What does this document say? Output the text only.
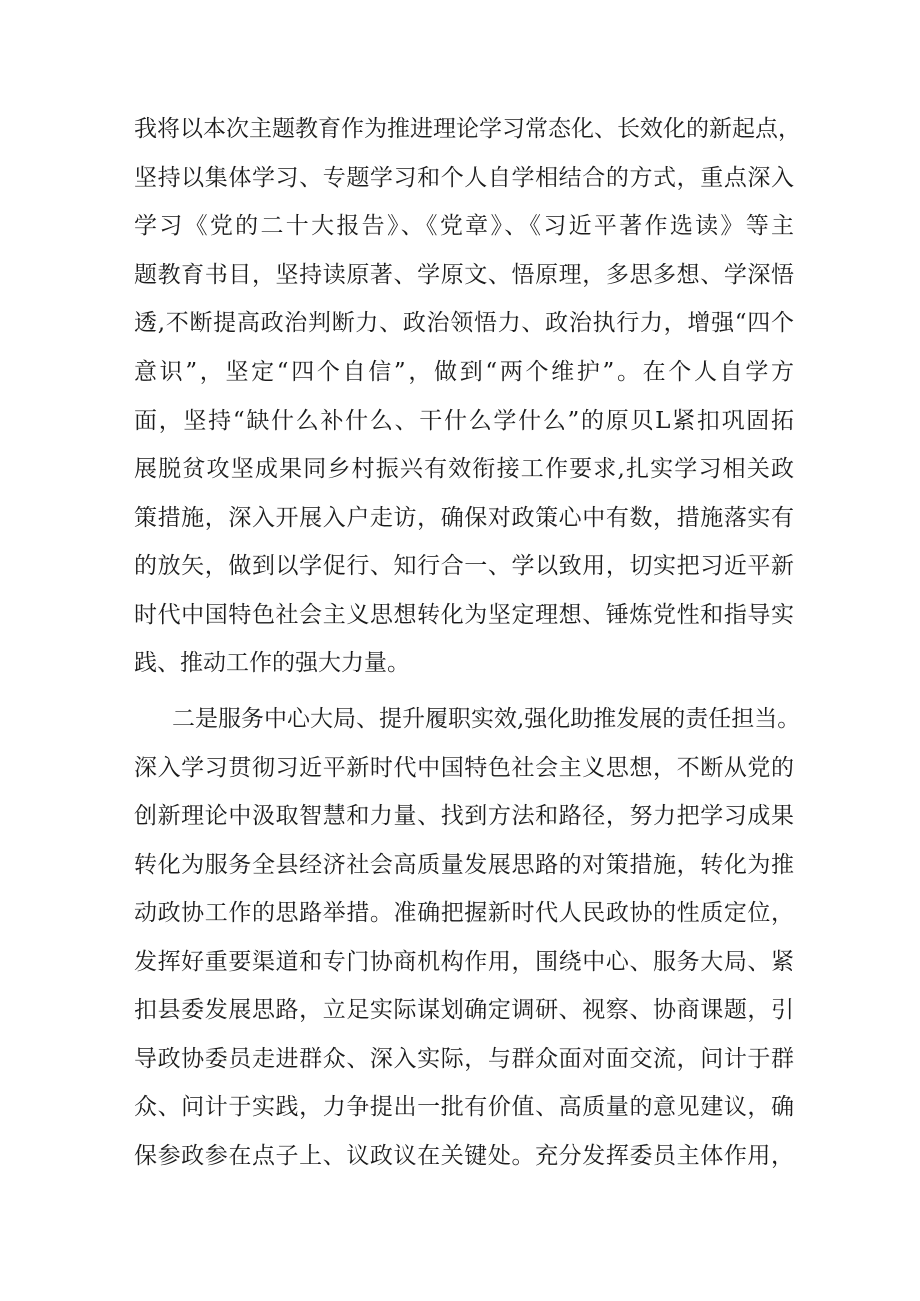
我将以本次主题教育作为推进理论学习常态化、长效化的新起点，
坚持以集体学习、专题学习和个人自学相结合的方式，重点深入
学习《党的二十大报告》、《党章》、《习近平著作选读》等主
题教育书目，坚持读原著、学原文、悟原理，多思多想、学深悟
透,不断提高政治判断力、政治领悟力、政治执行力，增强“四个
意识”，坚定“四个自信”，做到“两个维护”。在个人自学方
面，坚持“缺什么补什么、干什么学什么”的原贝L紧扣巩固拓
展脱贫攻坚成果同乡村振兴有效衔接工作要求,扎实学习相关政
策措施，深入开展入户走访，确保对政策心中有数，措施落实有
的放矢，做到以学促行、知行合一、学以致用，切实把习近平新
时代中国特色社会主义思想转化为坚定理想、锤炼党性和指导实
践、推动工作的强大力量。
二是服务中心大局、提升履职实效,强化助推发展的责任担当。
深入学习贯彻习近平新时代中国特色社会主义思想，不断从党的
创新理论中汲取智慧和力量、找到方法和路径，努力把学习成果
转化为服务全县经济社会高质量发展思路的对策措施，转化为推
动政协工作的思路举措。准确把握新时代人民政协的性质定位，
发挥好重要渠道和专门协商机构作用，围绕中心、服务大局、紧
扣县委发展思路，立足实际谋划确定调研、视察、协商课题，引
导政协委员走进群众、深入实际，与群众面对面交流，问计于群
众、问计于实践，力争提出一批有价值、高质量的意见建议，确
保参政参在点子上、议政议在关键处。充分发挥委员主体作用，
